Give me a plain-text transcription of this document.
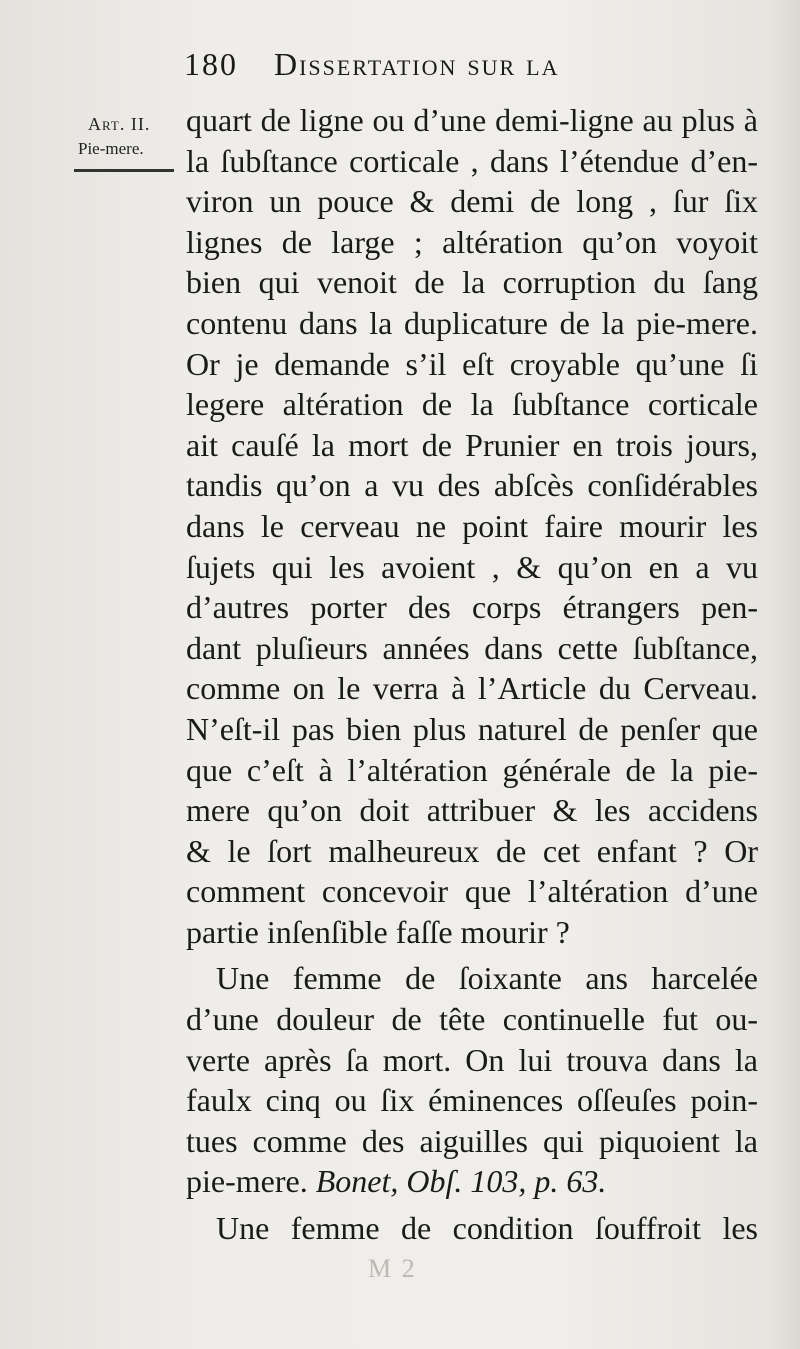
180 Dissertation sur la
Art. II.
Pie-mere.
quart de ligne ou d’une demi-ligne au plus à
la ſubſtance corticale , dans l’étendue d’en-
viron un pouce & demi de long , ſur ſix
lignes de large ; altération qu’on voyoit
bien qui venoit de la corruption du ſang
contenu dans la duplicature de la pie-mere.
Or je demande s’il eſt croyable qu’une ſi
legere altération de la ſubſtance corticale
ait cauſé la mort de Prunier en trois jours,
tandis qu’on a vu des abſcès conſidérables
dans le cerveau ne point faire mourir les
ſujets qui les avoient , & qu’on en a vu
d’autres porter des corps étrangers pen-
dant pluſieurs années dans cette ſubſtance,
comme on le verra à l’Article du Cerveau.
N’eſt-il pas bien plus naturel de penſer que
que c’eſt à l’altération générale de la pie-
mere qu’on doit attribuer & les accidens
& le ſort malheureux de cet enfant ? Or
comment concevoir que l’altération d’une
partie inſenſible faſſe mourir ?
Une femme de ſoixante ans harcelée
d’une douleur de tête continuelle fut ou-
verte après ſa mort. On lui trouva dans la
faulx cinq ou ſix éminences oſſeuſes poin-
tues comme des aiguilles qui piquoient la
pie-mere. Bonet, Obſ. 103, p. 63.
Une femme de condition ſouffroit les
M 2
